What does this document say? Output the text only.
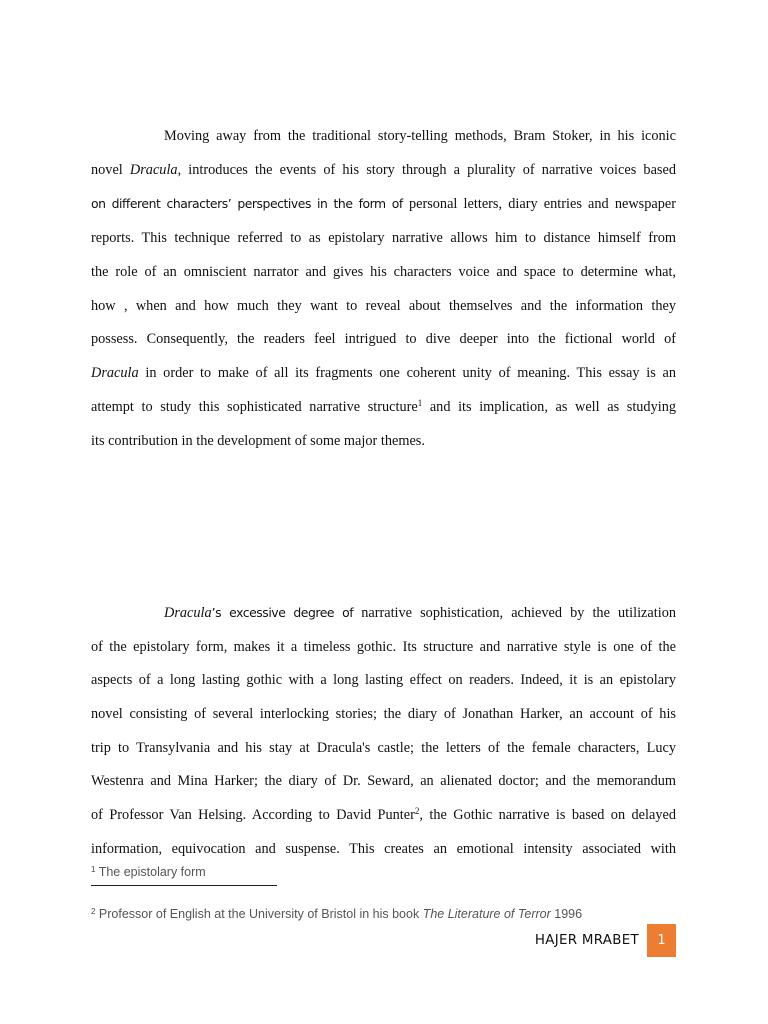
Moving away from the traditional story-telling methods, Bram Stoker, in his iconic
novel Dracula, introduces the events of his story through a plurality of narrative voices based
on different characters’ perspectives in the form of personal letters, diary entries and newspaper
reports. This technique referred to as epistolary narrative allows him to distance himself from
the role of an omniscient narrator and gives his characters voice and space to determine what,
how , when and how much they want to reveal about themselves and the information they
possess. Consequently, the readers feel intrigued to dive deeper into the fictional world of
Dracula in order to make of all its fragments one coherent unity of meaning. This essay is an
attempt to study this sophisticated narrative structure$^1$ and its implication, as well as studying
its contribution in the development of some major themes.
Dracula’s excessive degree of narrative sophistication, achieved by the utilization
of the epistolary form, makes it a timeless gothic. Its structure and narrative style is one of the
aspects of a long lasting gothic with a long lasting effect on readers. Indeed, it is an epistolary
novel consisting of several interlocking stories; the diary of Jonathan Harker, an account of his
trip to Transylvania and his stay at Dracula's castle; the letters of the female characters, Lucy
Westenra and Mina Harker; the diary of Dr. Seward, an alienated doctor; and the memorandum
of Professor Van Helsing. According to David Punter$^2$, the Gothic narrative is based on delayed
information, equivocation and suspense. This creates an emotional intensity associated with
$^1$ The epistolary form
$^2$ Professor of English at the University of Bristol in his book The Literature of Terror 1996
HAJER MRABET	1
